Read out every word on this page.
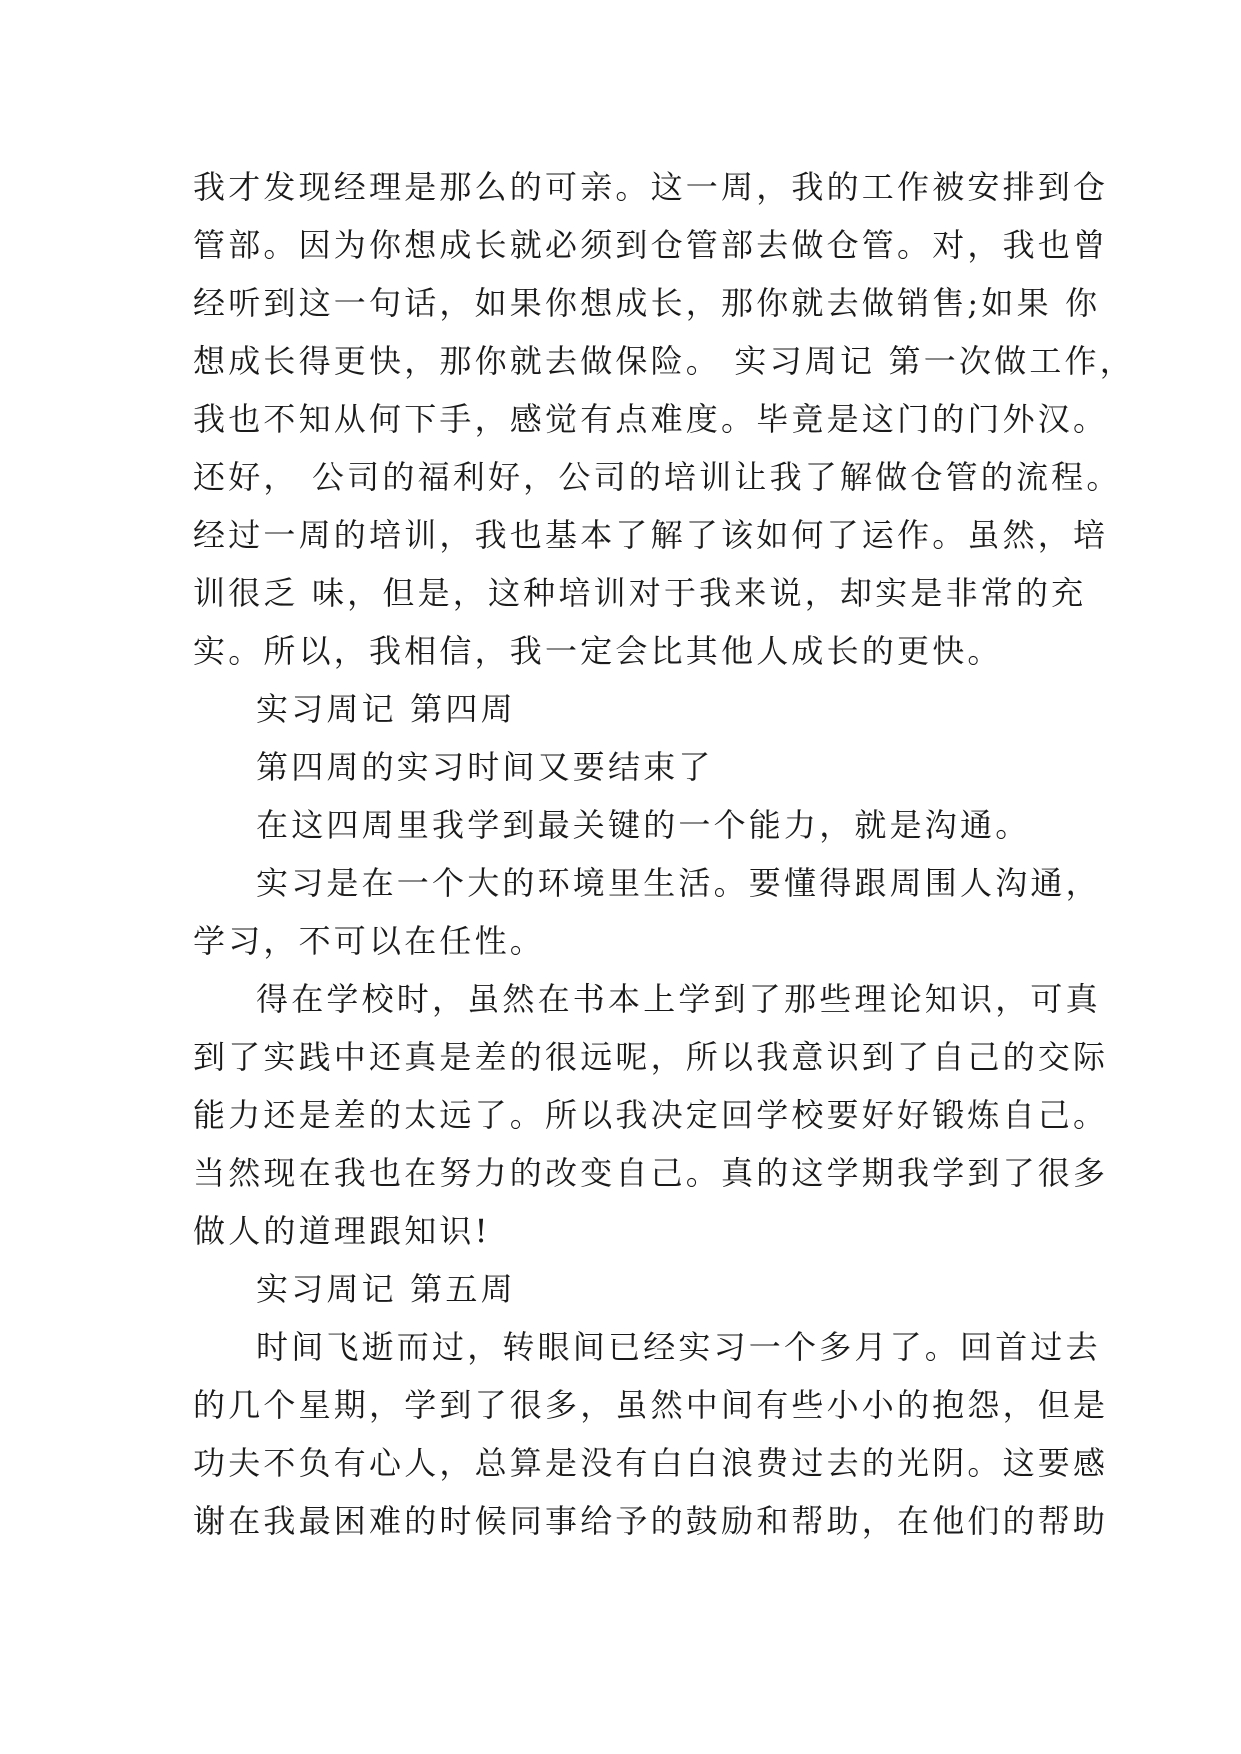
我才发现经理是那么的可亲。这一周，我的工作被安排到仓
管部。因为你想成长就必须到仓管部去做仓管。对，我也曾
经听到这一句话，如果你想成长，那你就去做销售;如果 你
想成长得更快，那你就去做保险。 实习周记 第一次做工作，
我也不知从何下手，感觉有点难度。毕竟是这门的门外汉。
还好， 公司的福利好，公司的培训让我了解做仓管的流程。
经过一周的培训，我也基本了解了该如何了运作。虽然，培
训很乏 味，但是，这种培训对于我来说，却实是非常的充
实。所以，我相信，我一定会比其他人成长的更快。
实习周记 第四周
第四周的实习时间又要结束了
在这四周里我学到最关键的一个能力，就是沟通。
实习是在一个大的环境里生活。要懂得跟周围人沟通，
学习，不可以在任性。
得在学校时，虽然在书本上学到了那些理论知识，可真
到了实践中还真是差的很远呢，所以我意识到了自己的交际
能力还是差的太远了。所以我决定回学校要好好锻炼自己。
当然现在我也在努力的改变自己。真的这学期我学到了很多
做人的道理跟知识!
实习周记 第五周
时间飞逝而过，转眼间已经实习一个多月了。回首过去
的几个星期，学到了很多，虽然中间有些小小的抱怨，但是
功夫不负有心人，总算是没有白白浪费过去的光阴。这要感
谢在我最困难的时候同事给予的鼓励和帮助，在他们的帮助
